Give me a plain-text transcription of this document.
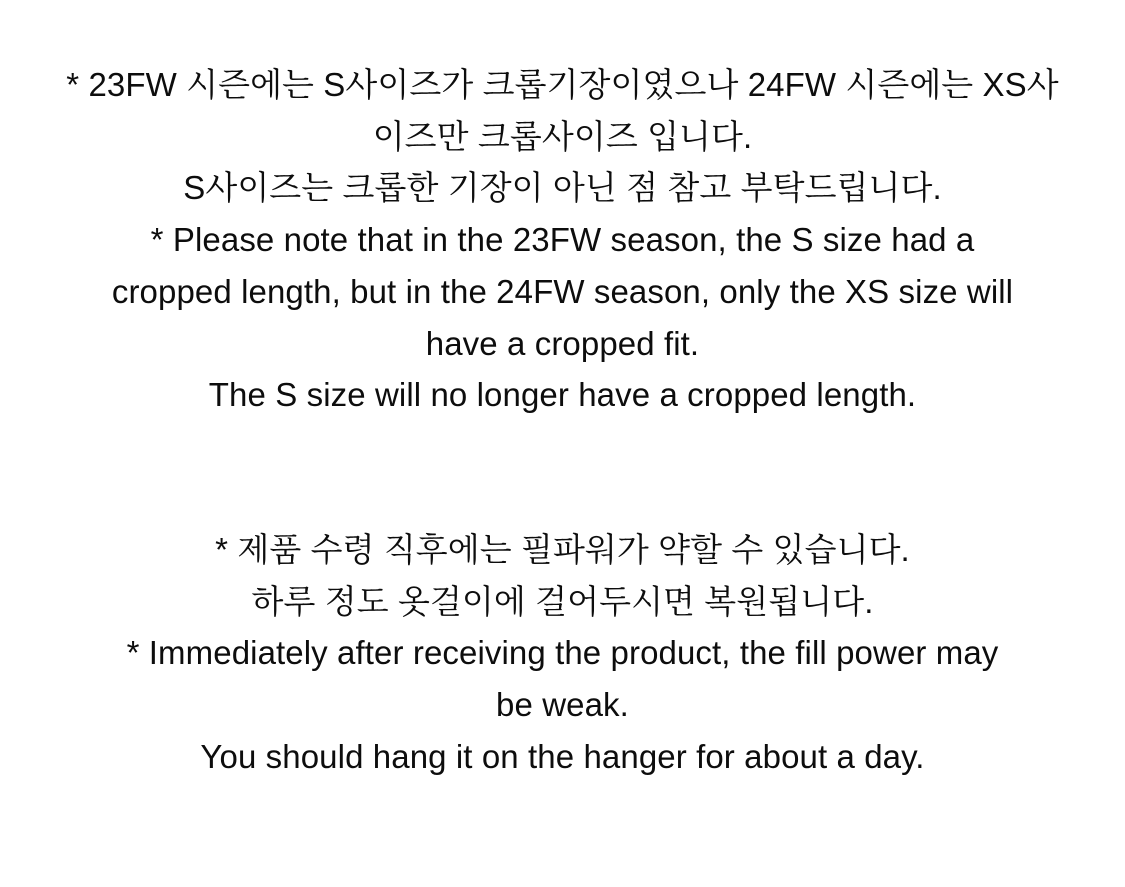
* 23FW 시즌에는 S사이즈가 크롭기장이였으나 24FW 시즌에는 XS사
이즈만 크롭사이즈 입니다.
S사이즈는 크롭한 기장이 아닌 점 참고 부탁드립니다.
* Please note that in the 23FW season, the S size had a
cropped length, but in the 24FW season, only the XS size will
have a cropped fit.
The S size will no longer have a cropped length.
* 제품 수령 직후에는 필파워가 약할 수 있습니다.
하루 정도 옷걸이에 걸어두시면 복원됩니다.
* Immediately after receiving the product, the fill power may
be weak.
You should hang it on the hanger for about a day.
